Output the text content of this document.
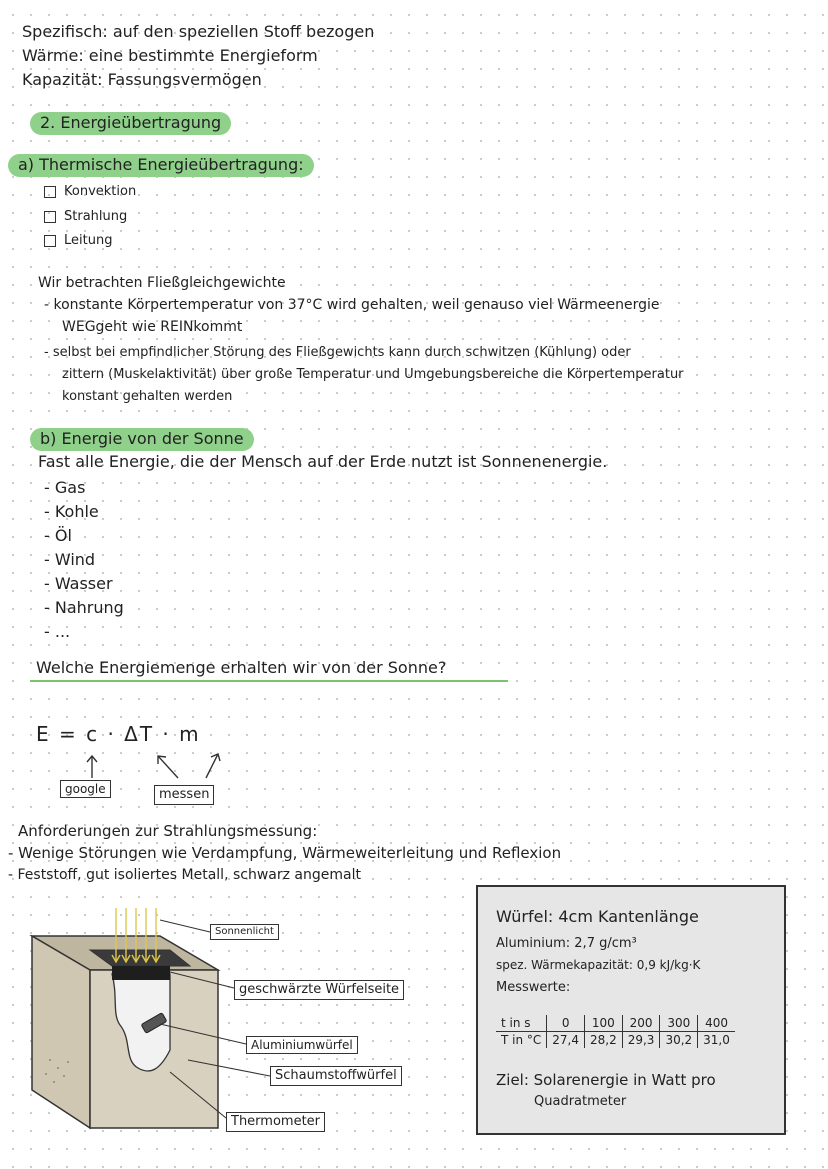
Spezifisch: auf den speziellen Stoff bezogen
Wärme: eine bestimmte Energieform
Kapazität: Fassungsvermögen
2. Energieübertragung
a) Thermische Energieübertragung:
Konvektion
Strahlung
Leitung
Wir betrachten Fließgleichgewichte
- konstante Körpertemperatur von 37°C wird gehalten, weil genauso viel Wärmeenergie
WEGgeht wie REINkommt
- selbst bei empfindlicher Störung des Fließgewichts kann durch schwitzen (Kühlung) oder
zittern (Muskelaktivität) über große Temperatur und Umgebungsbereiche die Körpertemperatur
konstant gehalten werden
b) Energie von der Sonne
Fast alle Energie, die der Mensch auf der Erde nutzt ist Sonnenenergie.
- Gas
- Kohle
- Öl
- Wind
- Wasser
- Nahrung
- ...
Welche Energiemenge erhalten wir von der Sonne?
E = c · ΔT · m
google	messen
Anforderungen zur Strahlungsmessung:
- Wenige Störungen wie Verdampfung, Wärmeweiterleitung und Reflexion
- Feststoff, gut isoliertes Metall, schwarz angemalt
Sonnenlicht
geschwärzte Würfelseite
Aluminiumwürfel
Schaumstoffwürfel
Thermometer
Würfel: 4cm Kantenlänge
Aluminium: 2,7 g/cm³
spez. Wärmekapazität: 0,9 kJ/kg·K
Messwerte:
t in s	0	100	200	300	400
T in °C	27,4	28,2	29,3	30,2	31,0
Ziel: Solarenergie in Watt pro
Quadratmeter
